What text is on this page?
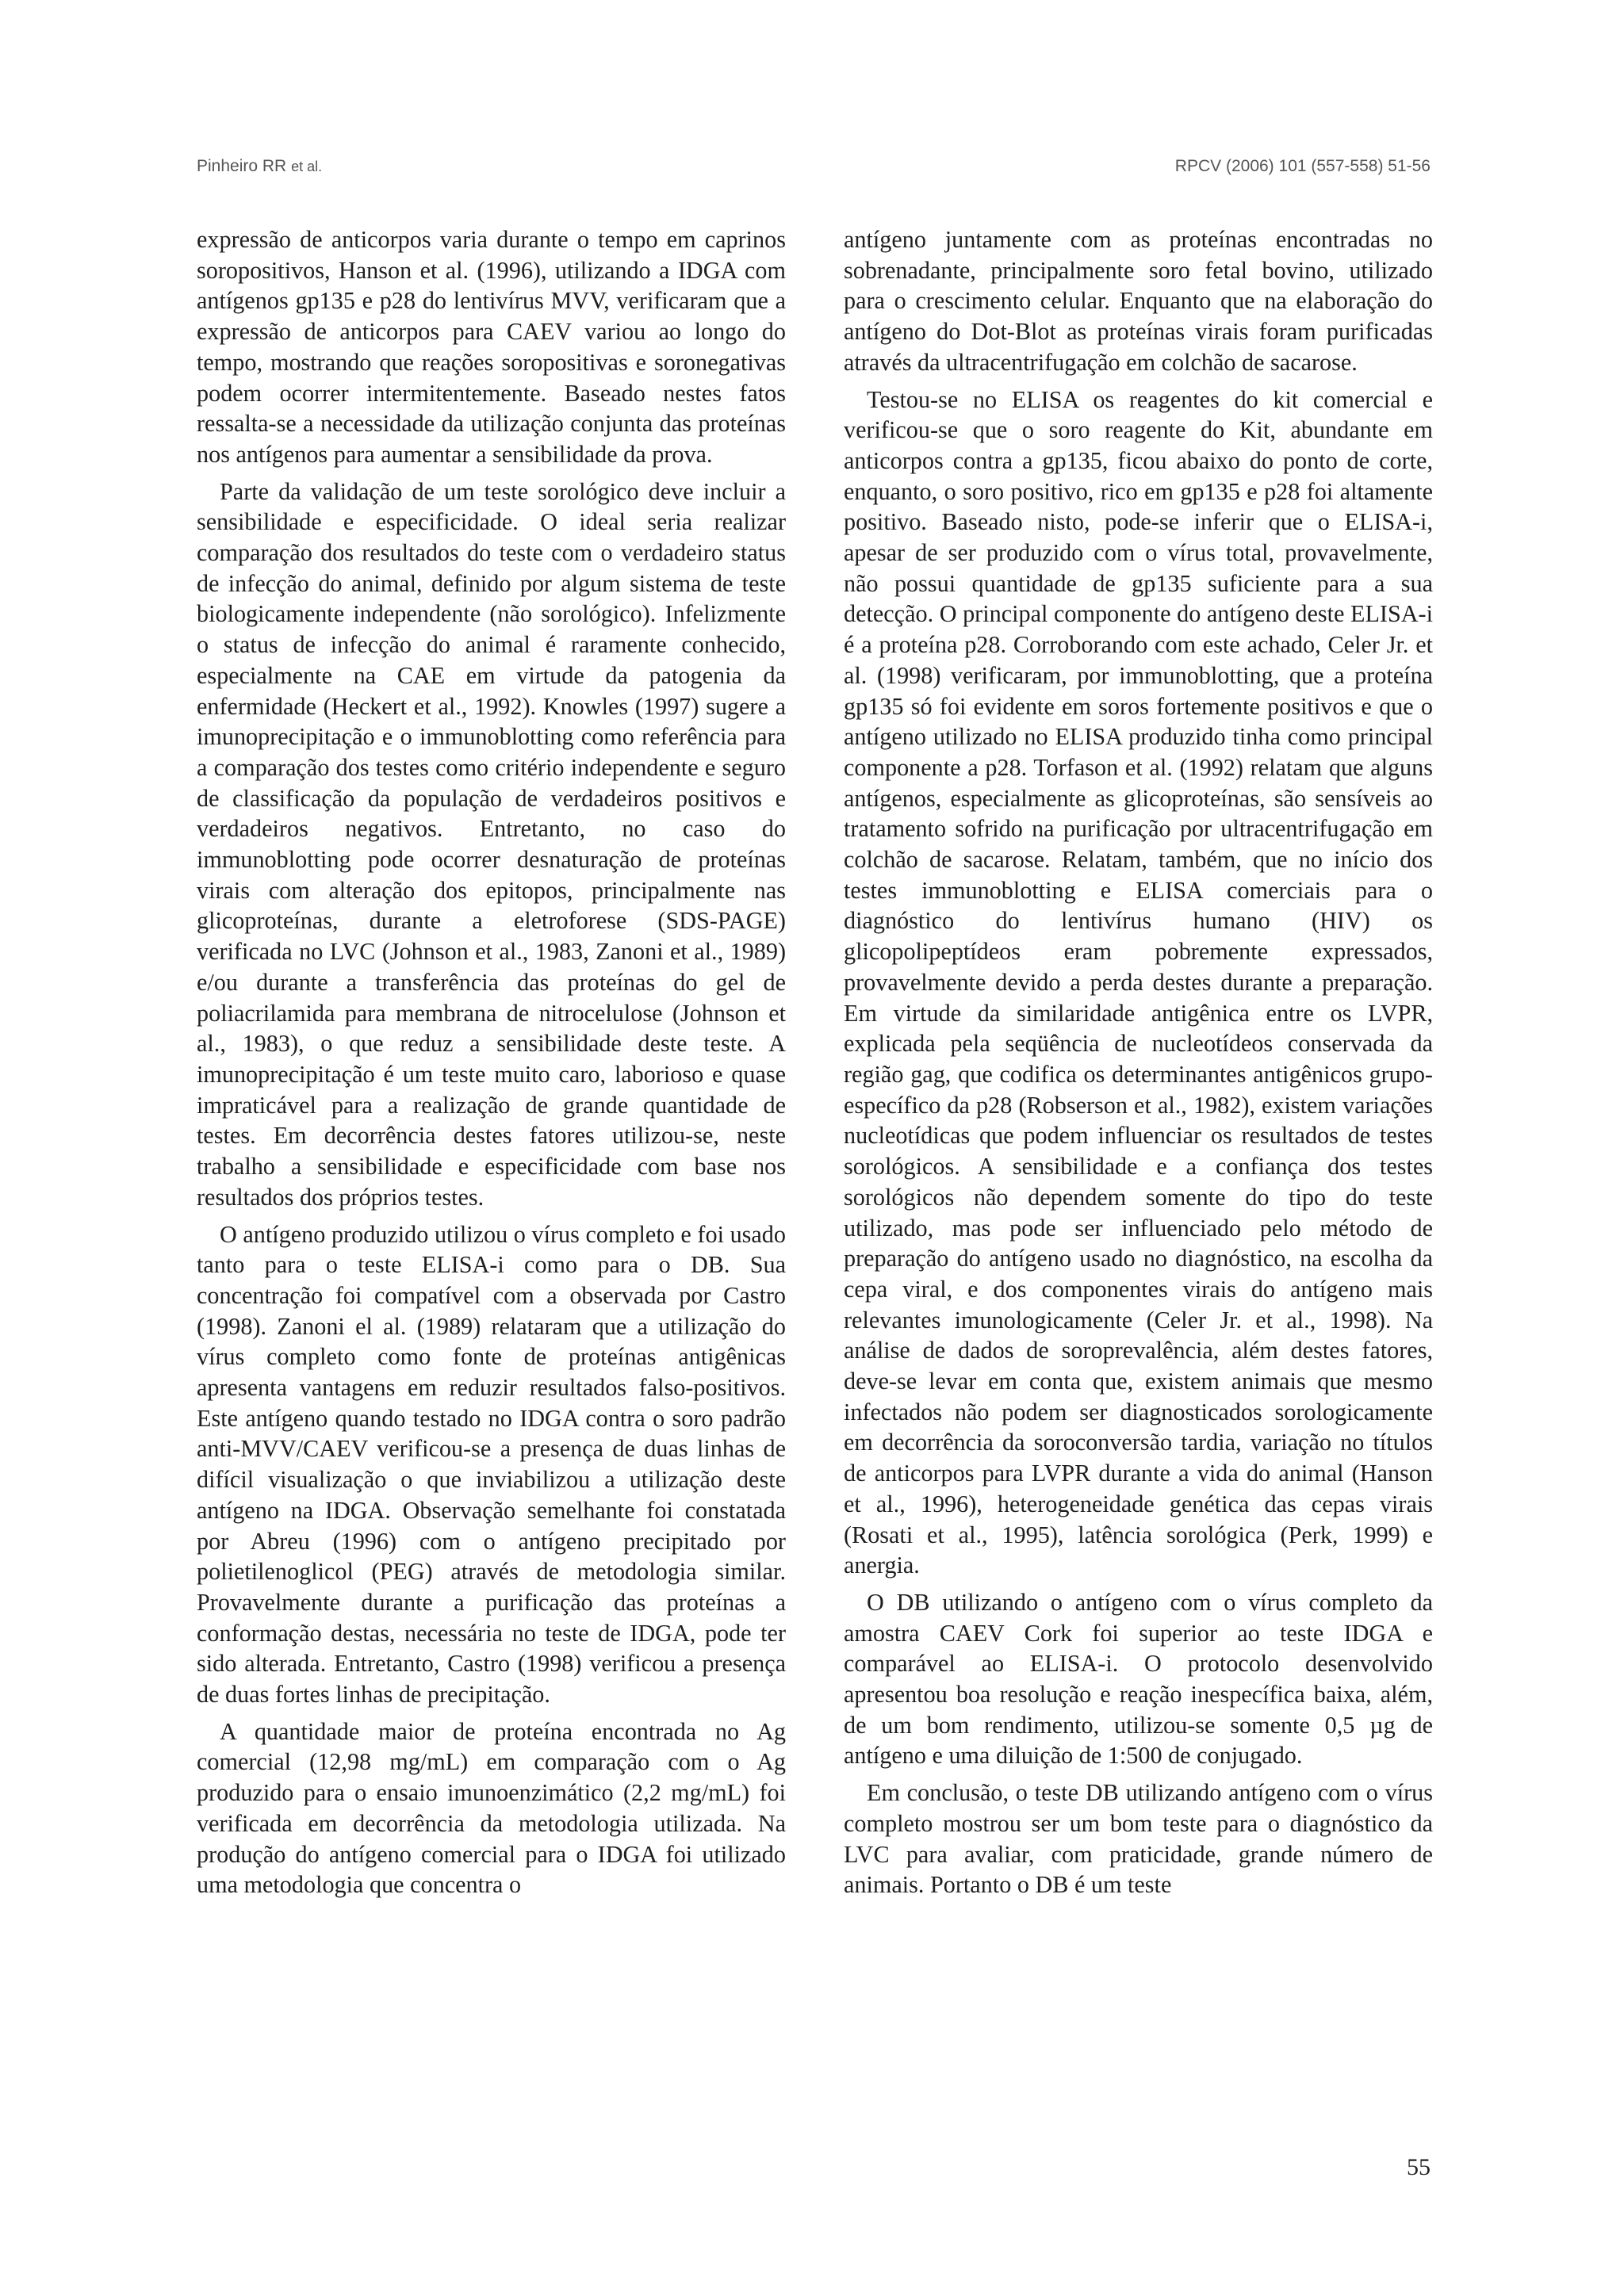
Pinheiro RR et al.	RPCV (2006) 101 (557-558) 51-56

expressão de anticorpos varia durante o tempo em caprinos soropositivos, Hanson et al. (1996), utilizando a IDGA com antígenos gp135 e p28 do lentivírus MVV, verificaram que a expressão de anticorpos para CAEV variou ao longo do tempo, mostrando que reações soropositivas e soronegativas podem ocorrer intermitentemente. Baseado nestes fatos ressalta-se a necessidade da utilização conjunta das proteínas nos antígenos para aumentar a sensibilidade da prova.

Parte da validação de um teste sorológico deve incluir a sensibilidade e especificidade. O ideal seria realizar comparação dos resultados do teste com o verdadeiro status de infecção do animal, definido por algum sistema de teste biologicamente independente (não sorológico). Infelizmente o status de infecção do animal é raramente conhecido, especialmente na CAE em virtude da patogenia da enfermidade (Heckert et al., 1992). Knowles (1997) sugere a imunoprecipitação e o immunoblotting como referência para a comparação dos testes como critério independente e seguro de classificação da população de verdadeiros positivos e verdadeiros negativos. Entretanto, no caso do immunoblotting pode ocorrer desnaturação de proteínas virais com alteração dos epitopos, principalmente nas glicoproteínas, durante a eletroforese (SDS-PAGE) verificada no LVC (Johnson et al., 1983, Zanoni et al., 1989) e/ou durante a transferência das proteínas do gel de poliacrilamida para membrana de nitrocelulose (Johnson et al., 1983), o que reduz a sensibilidade deste teste. A imunoprecipitação é um teste muito caro, laborioso e quase impraticável para a realização de grande quantidade de testes. Em decorrência destes fatores utilizou-se, neste trabalho a sensibilidade e especificidade com base nos resultados dos próprios testes.

O antígeno produzido utilizou o vírus completo e foi usado tanto para o teste ELISA-i como para o DB. Sua concentração foi compatível com a observada por Castro (1998). Zanoni el al. (1989) relataram que a utilização do vírus completo como fonte de proteínas antigênicas apresenta vantagens em reduzir resultados falso-positivos. Este antígeno quando testado no IDGA contra o soro padrão anti-MVV/CAEV verificou-se a presença de duas linhas de difícil visualização o que inviabilizou a utilização deste antígeno na IDGA. Observação semelhante foi constatada por Abreu (1996) com o antígeno precipitado por polietilenoglicol (PEG) através de metodologia similar. Provavelmente durante a purificação das proteínas a conformação destas, necessária no teste de IDGA, pode ter sido alterada. Entretanto, Castro (1998) verificou a presença de duas fortes linhas de precipitação.

A quantidade maior de proteína encontrada no Ag comercial (12,98 mg/mL) em comparação com o Ag produzido para o ensaio imunoenzimático (2,2 mg/mL) foi verificada em decorrência da metodologia utilizada. Na produção do antígeno comercial para o IDGA foi utilizado uma metodologia que concentra o

antígeno juntamente com as proteínas encontradas no sobrenadante, principalmente soro fetal bovino, utilizado para o crescimento celular. Enquanto que na elaboração do antígeno do Dot-Blot as proteínas virais foram purificadas através da ultracentrifugação em colchão de sacarose.

Testou-se no ELISA os reagentes do kit comercial e verificou-se que o soro reagente do Kit, abundante em anticorpos contra a gp135, ficou abaixo do ponto de corte, enquanto, o soro positivo, rico em gp135 e p28 foi altamente positivo. Baseado nisto, pode-se inferir que o ELISA-i, apesar de ser produzido com o vírus total, provavelmente, não possui quantidade de gp135 suficiente para a sua detecção. O principal componente do antígeno deste ELISA-i é a proteína p28. Corroborando com este achado, Celer Jr. et al. (1998) verificaram, por immunoblotting, que a proteína gp135 só foi evidente em soros fortemente positivos e que o antígeno utilizado no ELISA produzido tinha como principal componente a p28. Torfason et al. (1992) relatam que alguns antígenos, especialmente as glicoproteínas, são sensíveis ao tratamento sofrido na purificação por ultracentrifugação em colchão de sacarose. Relatam, também, que no início dos testes immunoblotting e ELISA comerciais para o diagnóstico do lentivírus humano (HIV) os glicopolipeptídeos eram pobremente expressados, provavelmente devido a perda destes durante a preparação. Em virtude da similaridade antigênica entre os LVPR, explicada pela seqüência de nucleotídeos conservada da região gag, que codifica os determinantes antigênicos grupo-específico da p28 (Robserson et al., 1982), existem variações nucleotídicas que podem influenciar os resultados de testes sorológicos. A sensibilidade e a confiança dos testes sorológicos não dependem somente do tipo do teste utilizado, mas pode ser influenciado pelo método de preparação do antígeno usado no diagnóstico, na escolha da cepa viral, e dos componentes virais do antígeno mais relevantes imunologicamente (Celer Jr. et al., 1998). Na análise de dados de soroprevalência, além destes fatores, deve-se levar em conta que, existem animais que mesmo infectados não podem ser diagnosticados sorologicamente em decorrência da soroconversão tardia, variação no títulos de anticorpos para LVPR durante a vida do animal (Hanson et al., 1996), heterogeneidade genética das cepas virais (Rosati et al., 1995), latência sorológica (Perk, 1999) e anergia.

O DB utilizando o antígeno com o vírus completo da amostra CAEV Cork foi superior ao teste IDGA e comparável ao ELISA-i. O protocolo desenvolvido apresentou boa resolução e reação inespecífica baixa, além, de um bom rendimento, utilizou-se somente 0,5 µg de antígeno e uma diluição de 1:500 de conjugado.

Em conclusão, o teste DB utilizando antígeno com o vírus completo mostrou ser um bom teste para o diagnóstico da LVC para avaliar, com praticidade, grande número de animais. Portanto o DB é um teste

55
